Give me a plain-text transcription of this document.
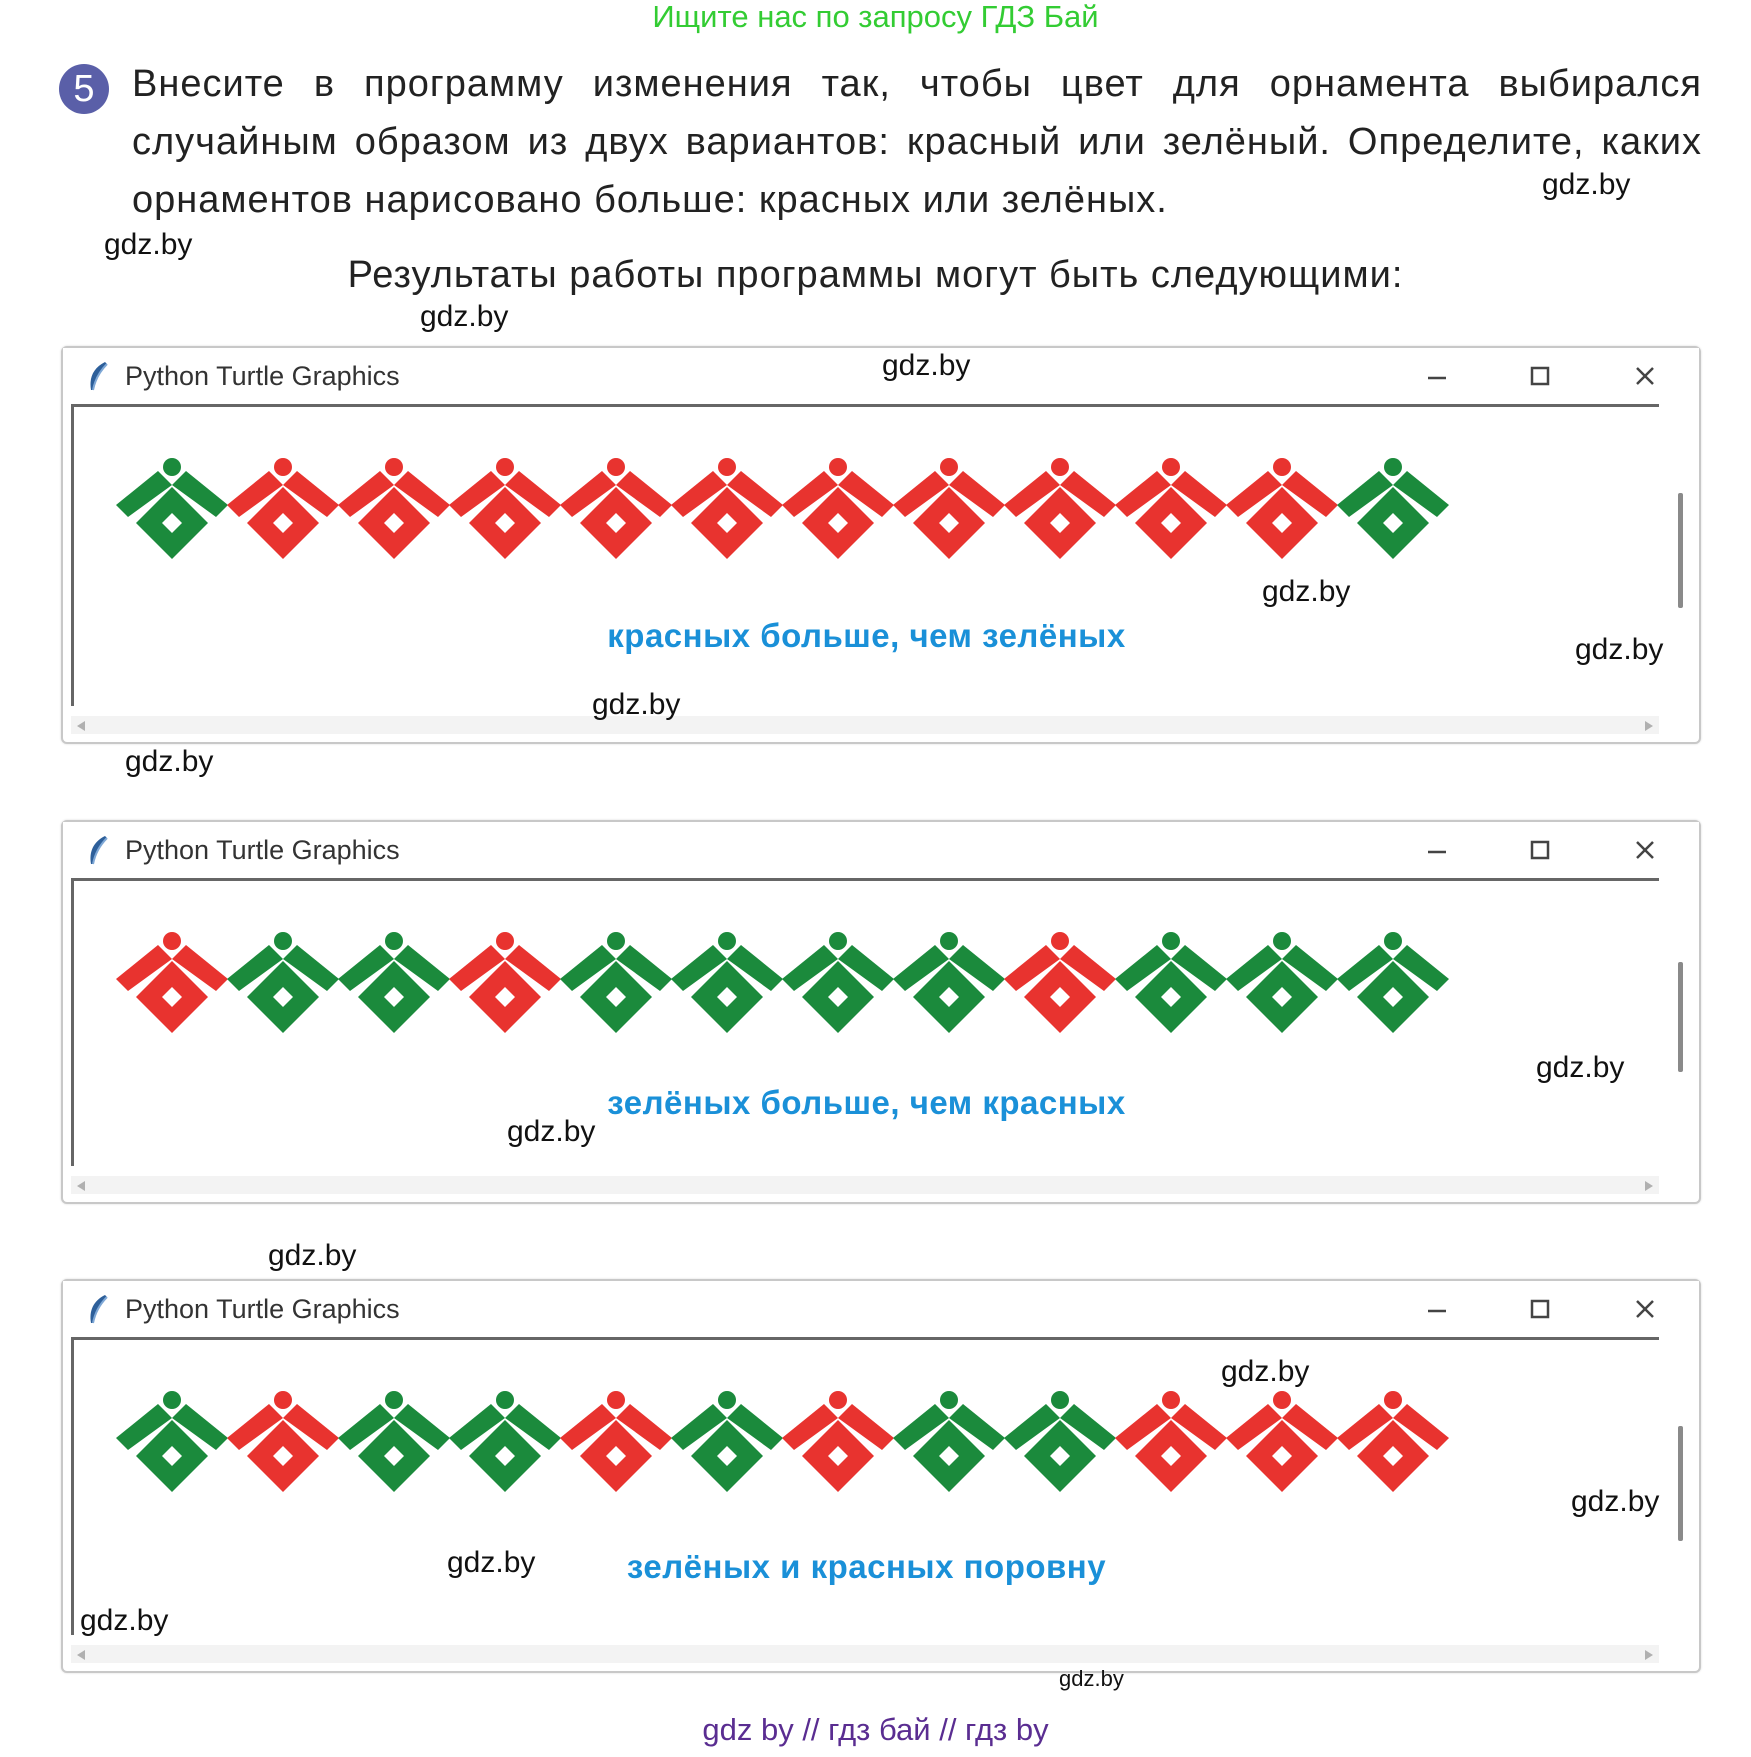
Ищите нас по запросу ГДЗ Бай
5 Внесите в программу изменения так, чтобы цвет для орнамента выбирался случайным образом из двух вариантов: красный или зелёный. Определите, каких орнаментов нарисовано больше: красных или зелёных.
Результаты работы программы могут быть следующими:
Python Turtle Graphics
красных больше, чем зелёных
Python Turtle Graphics
зелёных больше, чем красных
Python Turtle Graphics
зелёных и красных поровну
gdz.by
gdz.by
gdz.by
gdz.by
gdz.by
gdz.by
gdz.by
gdz.by
gdz.by
gdz.by
gdz.by
gdz.by
gdz.by
gdz.by
gdz.by
gdz.by
gdz by // гдз бай // гдз by
